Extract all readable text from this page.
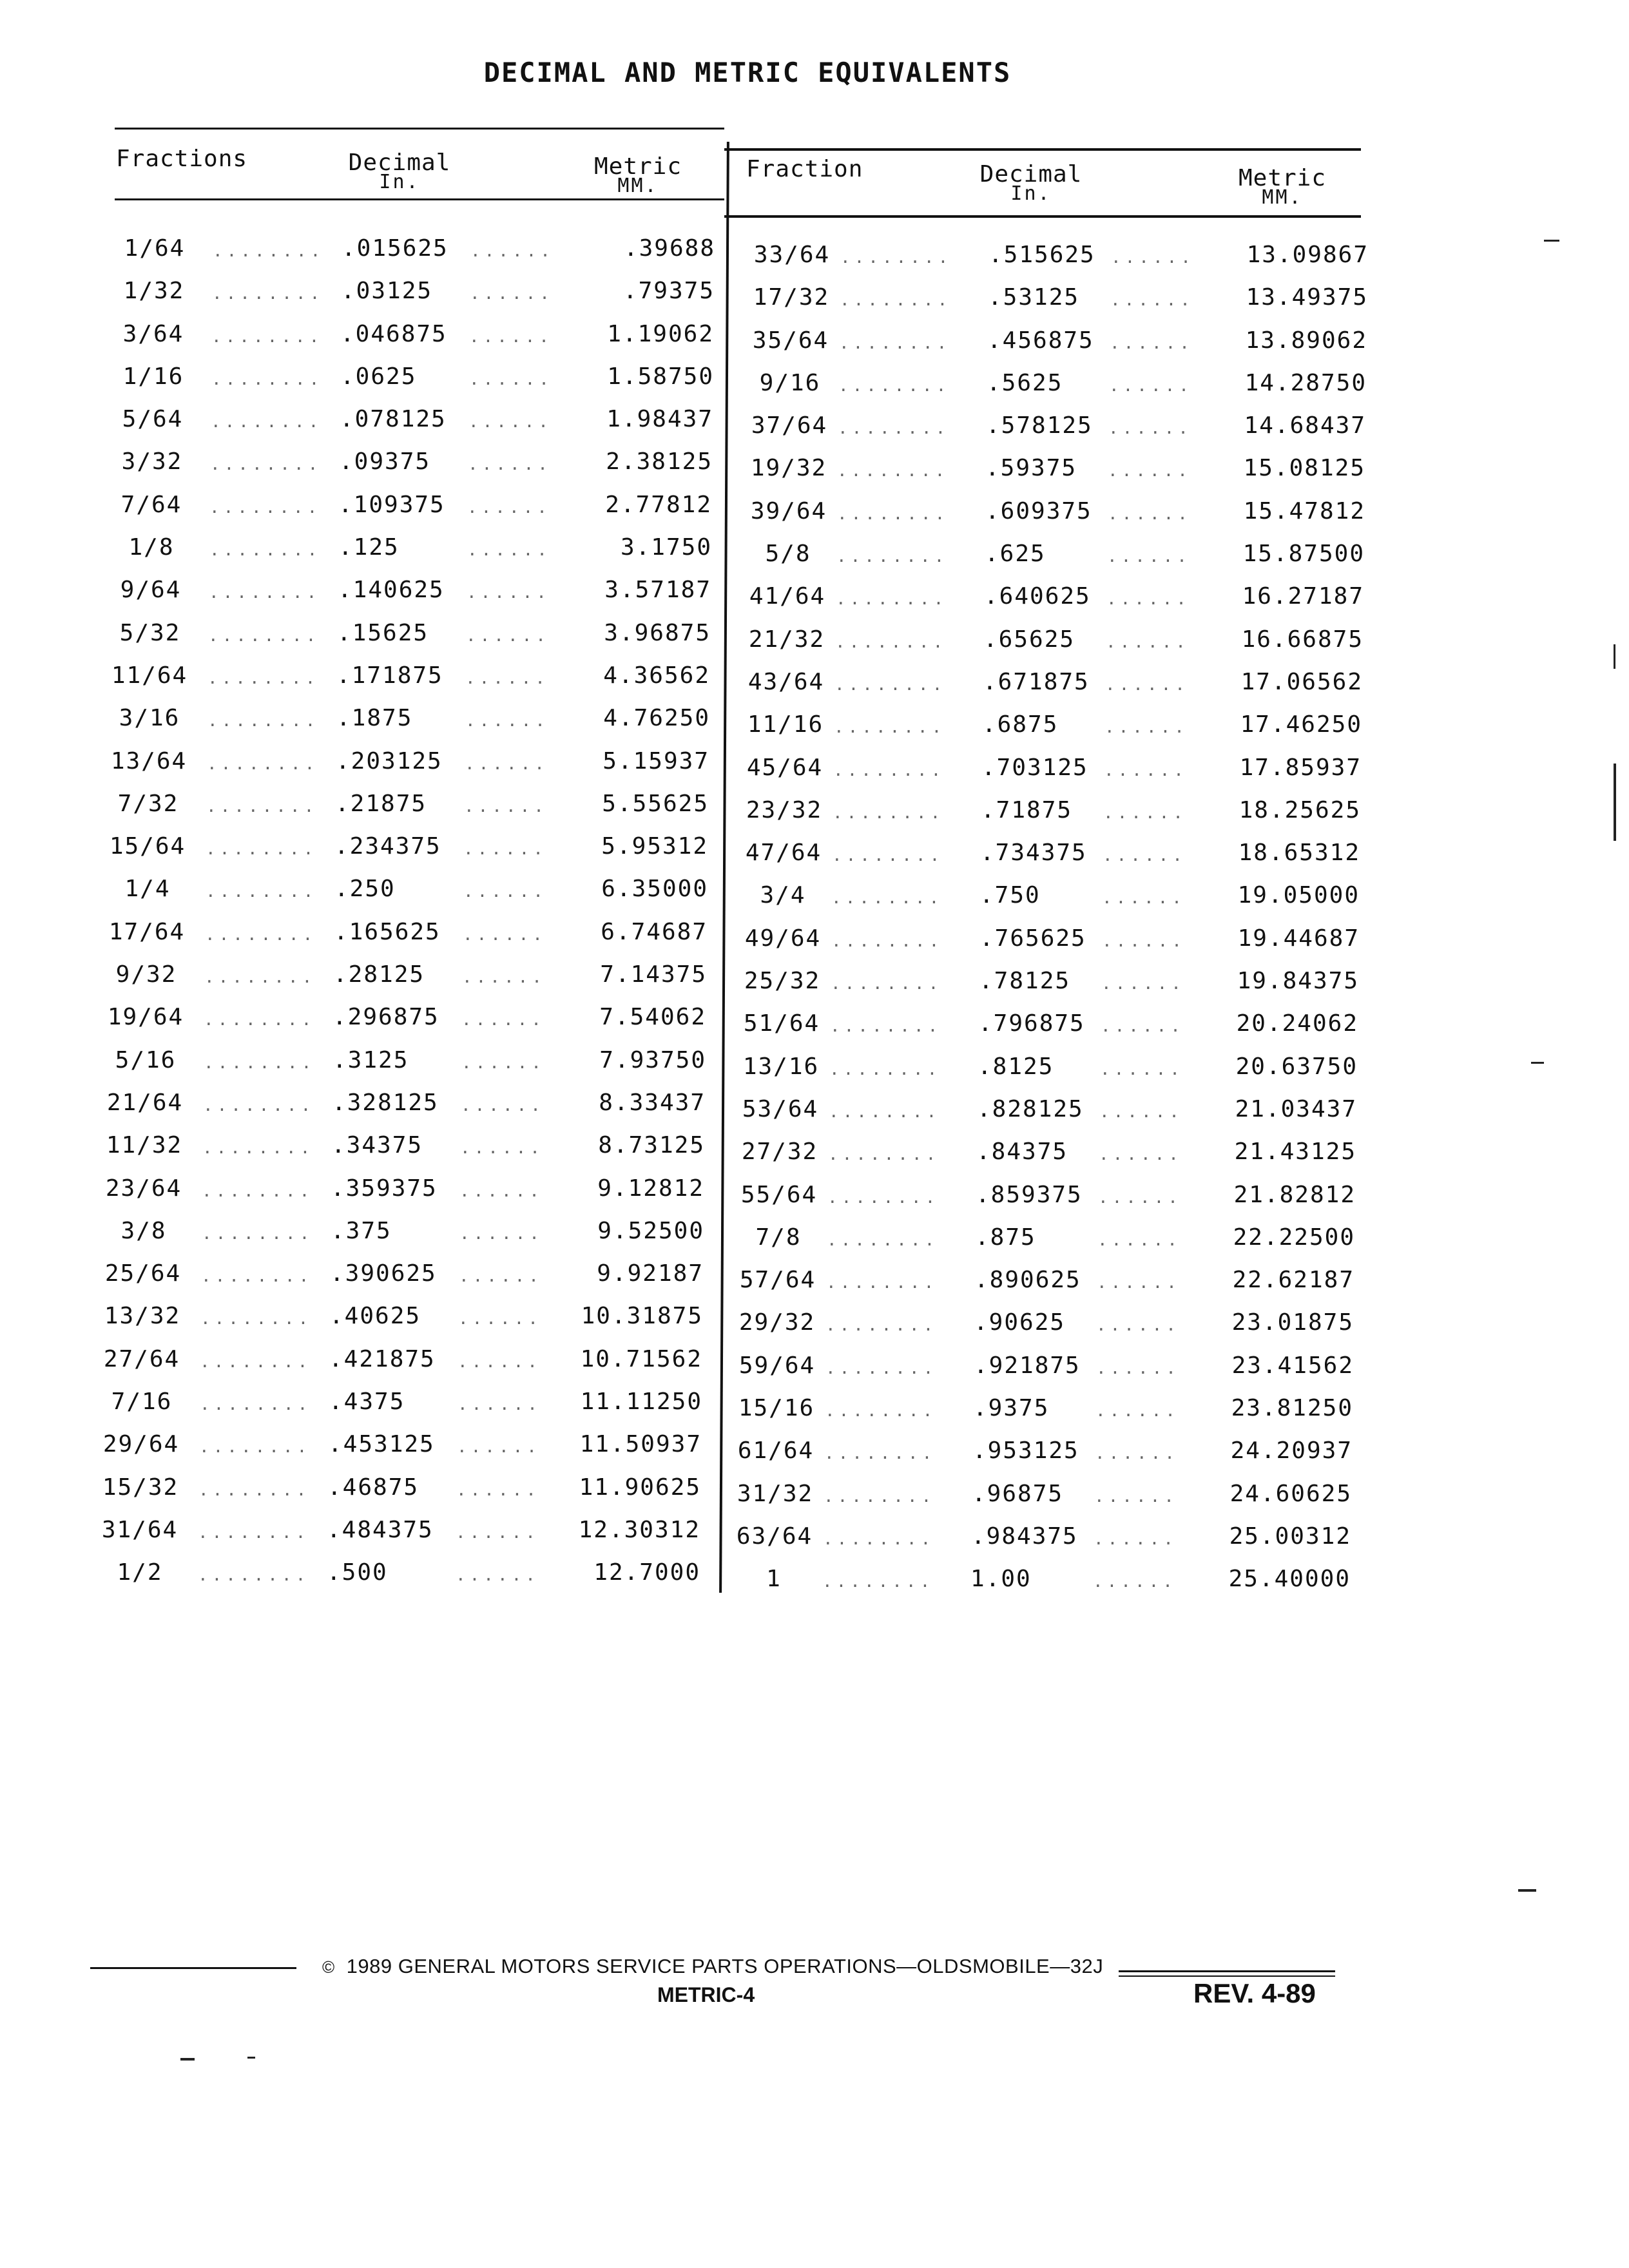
DECIMAL AND METRIC EQUIVALENTS
Fractions	Decimal
In.
Metric
MM.
Fraction	Decimal
In.
Metric
MM.
1/64	.015625	.39688
........	......
1/32	.03125	.79375
........	......
3/64	.046875	1.19062
........	......
1/16	.0625	1.58750
........	......
5/64	.078125	1.98437
........	......
3/32	.09375	2.38125
........	......
7/64	.109375	2.77812
........	......
1/8	.125	3.1750
........	......
9/64	.140625	3.57187
........	......
5/32	.15625	3.96875
........	......
11/64	.171875	4.36562
........	......
3/16	.1875	4.76250
........	......
13/64	.203125	5.15937
........	......
7/32	.21875	5.55625
........	......
15/64	.234375	5.95312
........	......
1/4	.250	6.35000
........	......
17/64	.165625	6.74687
........	......
9/32	.28125	7.14375
........	......
19/64	.296875	7.54062
........	......
5/16	.3125	7.93750
........	......
21/64	.328125	8.33437
........	......
11/32	.34375	8.73125
........	......
23/64	.359375	9.12812
........	......
3/8	.375	9.52500
........	......
25/64	.390625	9.92187
........	......
13/32	.40625	10.31875
........	......
27/64	.421875	10.71562
........	......
7/16	.4375	11.11250
........	......
29/64	.453125	11.50937
........	......
15/32	.46875	11.90625
........	......
31/64	.484375	12.30312
........	......
1/2	.500	12.7000
........	......
33/64	.515625	13.09867
........	......
17/32	.53125	13.49375
........	......
35/64	.456875	13.89062
........	......
9/16	.5625	14.28750
........	......
37/64	.578125	14.68437
........	......
19/32	.59375	15.08125
........	......
39/64	.609375	15.47812
........	......
5/8	.625	15.87500
........	......
41/64	.640625	16.27187
........	......
21/32	.65625	16.66875
........	......
43/64	.671875	17.06562
........	......
11/16	.6875	17.46250
........	......
45/64	.703125	17.85937
........	......
23/32	.71875	18.25625
........	......
47/64	.734375	18.65312
........	......
3/4	.750	19.05000
........	......
49/64	.765625	19.44687
........	......
25/32	.78125	19.84375
........	......
51/64	.796875	20.24062
........	......
13/16	.8125	20.63750
........	......
53/64	.828125	21.03437
........	......
27/32	.84375	21.43125
........	......
55/64	.859375	21.82812
........	......
7/8	.875	22.22500
........	......
57/64	.890625	22.62187
........	......
29/32	.90625	23.01875
........	......
59/64	.921875	23.41562
........	......
15/16	.9375	23.81250
........	......
61/64	.953125	24.20937
........	......
31/32	.96875	24.60625
........	......
63/64	.984375	25.00312
........	......
1	1.00	25.40000
........	......
© 1989 GENERAL MOTORS SERVICE PARTS OPERATIONS—OLDSMOBILE—32J
METRIC-4	REV. 4-89
